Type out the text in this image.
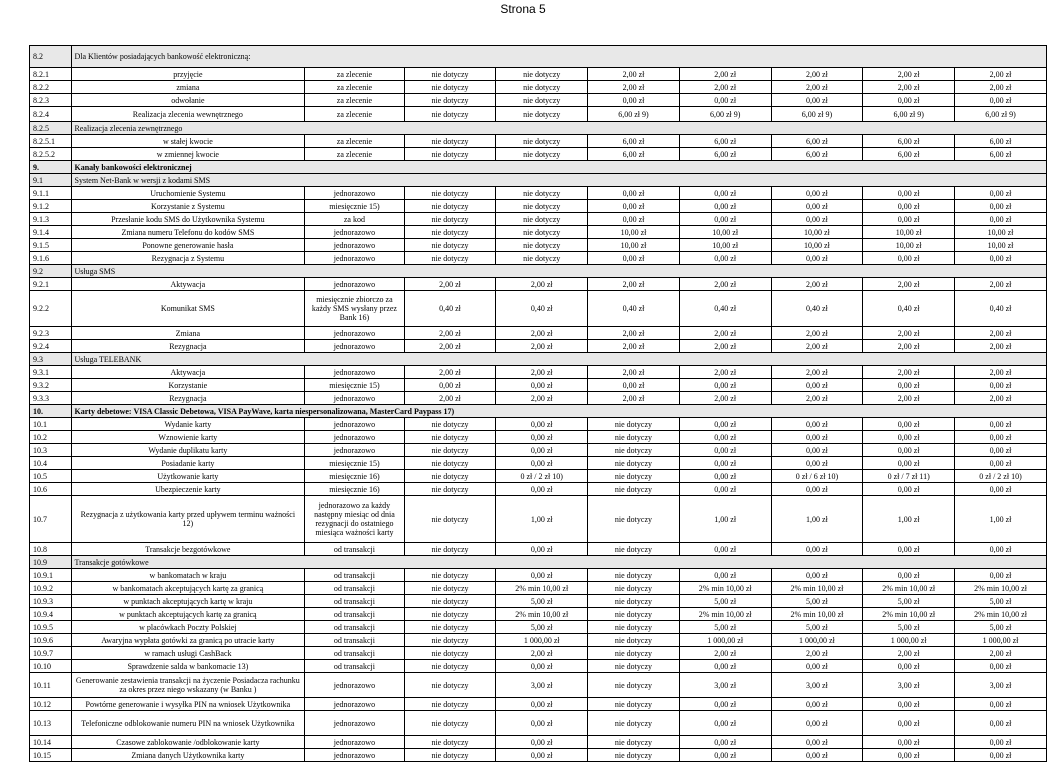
Strona 5
8.2	Dla Klientów posiadających bankowość elektroniczną:								
8.2.1	przyjęcie	za zlecenie	nie dotyczy	nie dotyczy	2,00 zł	2,00 zł	2,00 zł	2,00 zł	2,00 zł
8.2.2	zmiana	za zlecenie	nie dotyczy	nie dotyczy	2,00 zł	2,00 zł	2,00 zł	2,00 zł	2,00 zł
8.2.3	odwołanie	za zlecenie	nie dotyczy	nie dotyczy	0,00 zł	0,00 zł	0,00 zł	0,00 zł	0,00 zł
8.2.4	Realizacja zlecenia wewnętrznego	za zlecenie	nie dotyczy	nie dotyczy	6,00 zł 9)	6,00 zł 9)	6,00 zł 9)	6,00 zł 9)	6,00 zł 9)
8.2.5	Realizacja zlecenia zewnętrznego								
8.2.5.1	w stałej kwocie	za zlecenie	nie dotyczy	nie dotyczy	6,00 zł	6,00 zł	6,00 zł	6,00 zł	6,00 zł
8.2.5.2	w zmiennej kwocie	za zlecenie	nie dotyczy	nie dotyczy	6,00 zł	6,00 zł	6,00 zł	6,00 zł	6,00 zł
9.	Kanały bankowości elektronicznej								
9.1	System Net-Bank w wersji z kodami SMS								
9.1.1	Uruchomienie Systemu	jednorazowo	nie dotyczy	nie dotyczy	0,00 zł	0,00 zł	0,00 zł	0,00 zł	0,00 zł
9.1.2	Korzystanie z Systemu	miesięcznie 15)	nie dotyczy	nie dotyczy	0,00 zł	0,00 zł	0,00 zł	0,00 zł	0,00 zł
9.1.3	Przesłanie kodu SMS do Użytkownika Systemu	za kod	nie dotyczy	nie dotyczy	0,00 zł	0,00 zł	0,00 zł	0,00 zł	0,00 zł
9.1.4	Zmiana numeru Telefonu do kodów SMS	jednorazowo	nie dotyczy	nie dotyczy	10,00 zł	10,00 zł	10,00 zł	10,00 zł	10,00 zł
9.1.5	Ponowne generowanie hasła	jednorazowo	nie dotyczy	nie dotyczy	10,00 zł	10,00 zł	10,00 zł	10,00 zł	10,00 zł
9.1.6	Rezygnacja z Systemu	jednorazowo	nie dotyczy	nie dotyczy	0,00 zł	0,00 zł	0,00 zł	0,00 zł	0,00 zł
9.2	Usługa SMS								
9.2.1	Aktywacja	jednorazowo	2,00 zł	2,00 zł	2,00 zł	2,00 zł	2,00 zł	2,00 zł	2,00 zł
9.2.2	Komunikat SMS	miesięcznie zbiorczo za każdy SMS wysłany przez Bank 16)	0,40 zł	0,40 zł	0,40 zł	0,40 zł	0,40 zł	0,40 zł	0,40 zł
9.2.3	Zmiana	jednorazowo	2,00 zł	2,00 zł	2,00 zł	2,00 zł	2,00 zł	2,00 zł	2,00 zł
9.2.4	Rezygnacja	jednorazowo	2,00 zł	2,00 zł	2,00 zł	2,00 zł	2,00 zł	2,00 zł	2,00 zł
9.3	Usługa TELEBANK								
9.3.1	Aktywacja	jednorazowo	2,00 zł	2,00 zł	2,00 zł	2,00 zł	2,00 zł	2,00 zł	2,00 zł
9.3.2	Korzystanie	miesięcznie 15)	0,00 zł	0,00 zł	0,00 zł	0,00 zł	0,00 zł	0,00 zł	0,00 zł
9.3.3	Rezygnacja	jednorazowo	2,00 zł	2,00 zł	2,00 zł	2,00 zł	2,00 zł	2,00 zł	2,00 zł
10.	Karty debetowe: VISA Classic Debetowa, VISA PayWave, karta niespersonalizowana, MasterCard Paypass 17)								
10.1	Wydanie karty	jednorazowo	nie dotyczy	0,00 zł	nie dotyczy	0,00 zł	0,00 zł	0,00 zł	0,00 zł
10.2	Wznowienie karty	jednorazowo	nie dotyczy	0,00 zł	nie dotyczy	0,00 zł	0,00 zł	0,00 zł	0,00 zł
10.3	Wydanie duplikatu karty	jednorazowo	nie dotyczy	0,00 zł	nie dotyczy	0,00 zł	0,00 zł	0,00 zł	0,00 zł
10.4	Posiadanie karty	miesięcznie 15)	nie dotyczy	0,00 zł	nie dotyczy	0,00 zł	0,00 zł	0,00 zł	0,00 zł
10.5	Użytkowanie karty	miesięcznie 16)	nie dotyczy	0 zł / 2 zł 10)	nie dotyczy	0,00 zł	0 zł / 6 zł 10)	0 zł / 7 zł 11)	0 zł / 2 zł 10)
10.6	Ubezpieczenie karty	miesięcznie 16)	nie dotyczy	0,00 zł	nie dotyczy	0,00 zł	0,00 zł	0,00 zł	0,00 zł
10.7	Rezygnacja z użytkowania karty przed upływem terminu ważności 12)	jednorazowo za każdy następny miesiąc od dnia rezygnacji do ostatniego miesiąca ważności karty	nie dotyczy	1,00 zł	nie dotyczy	1,00 zł	1,00 zł	1,00 zł	1,00 zł
10.8	Transakcje bezgotówkowe	od transakcji	nie dotyczy	0,00 zł	nie dotyczy	0,00 zł	0,00 zł	0,00 zł	0,00 zł
10.9	Transakcje gotówkowe								
10.9.1	w bankomatach w kraju	od transakcji	nie dotyczy	0,00 zł	nie dotyczy	0,00 zł	0,00 zł	0,00 zł	0,00 zł
10.9.2	w bankomatach akceptujących kartę za granicą	od transakcji	nie dotyczy	2% min 10,00 zł	nie dotyczy	2% min 10,00 zł	2% min 10,00 zł	2% min 10,00 zł	2% min 10,00 zł
10.9.3	w punktach akceptujących kartę w kraju	od transakcji	nie dotyczy	5,00 zł	nie dotyczy	5,00 zł	5,00 zł	5,00 zł	5,00 zł
10.9.4	w punktach akceptujących kartę za granicą	od transakcji	nie dotyczy	2% min 10,00 zł	nie dotyczy	2% min 10,00 zł	2% min 10,00 zł	2% min 10,00 zł	2% min 10,00 zł
10.9.5	w placówkach Poczty Polskiej	od transakcji	nie dotyczy	5,00 zł	nie dotyczy	5,00 zł	5,00 zł	5,00 zł	5,00 zł
10.9.6	Awaryjna wypłata gotówki za granicą po utracie karty	od transakcji	nie dotyczy	1 000,00 zł	nie dotyczy	1 000,00 zł	1 000,00 zł	1 000,00 zł	1 000,00 zł
10.9.7	w ramach usługi CashBack	od transakcji	nie dotyczy	2,00 zł	nie dotyczy	2,00 zł	2,00 zł	2,00 zł	2,00 zł
10.10	Sprawdzenie salda w bankomacie 13)	od transakcji	nie dotyczy	0,00 zł	nie dotyczy	0,00 zł	0,00 zł	0,00 zł	0,00 zł
10.11	Generowanie zestawienia transakcji na życzenie Posiadacza rachunku za okres przez niego wskazany (w Banku )	jednorazowo	nie dotyczy	3,00 zł	nie dotyczy	3,00 zł	3,00 zł	3,00 zł	3,00 zł
10.12	Powtórne generowanie i wysyłka PIN na wniosek Użytkownika	jednorazowo	nie dotyczy	0,00 zł	nie dotyczy	0,00 zł	0,00 zł	0,00 zł	0,00 zł
10.13	Telefoniczne odblokowanie numeru PIN na wniosek Użytkownika	jednorazowo	nie dotyczy	0,00 zł	nie dotyczy	0,00 zł	0,00 zł	0,00 zł	0,00 zł
10.14	Czasowe zablokowanie /odblokowanie karty	jednorazowo	nie dotyczy	0,00 zł	nie dotyczy	0,00 zł	0,00 zł	0,00 zł	0,00 zł
10.15	Zmiana danych Użytkownika karty	jednorazowo	nie dotyczy	0,00 zł	nie dotyczy	0,00 zł	0,00 zł	0,00 zł	0,00 zł
